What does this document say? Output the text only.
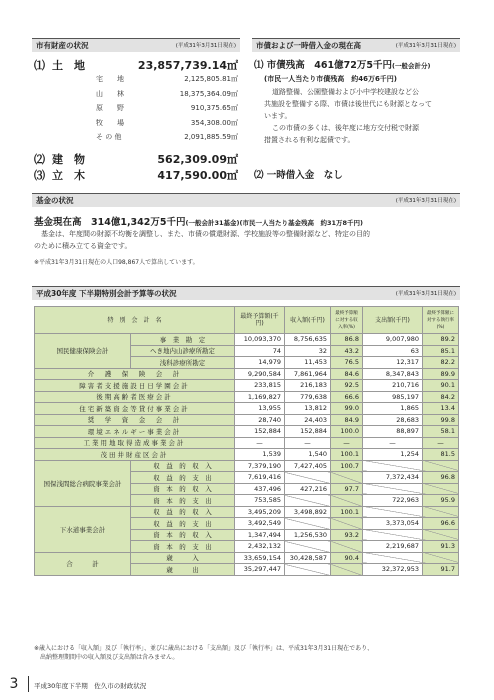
市有財産の状況	(平成31年3月31日現在)
⑴ 土　地	23,857,739.14㎡
宅　　地	2,125,805.81㎡
山　　林	18,375,364.09㎡
原　　野	910,375.65㎡
牧　　場	354,308.00㎡
そ の 他	2,091,885.59㎡
⑵ 建　物	562,309.09㎡
⑶ 立　木	417,590.00㎡
市債および一時借入金の現在高	(平成31年3月31日現在)
⑴ 市債残高　461億72万5千円(一般会計分)
(市民一人当たり市債残高　約46万6千円)
道路整備、公園整備および小中学校建設など公
共施設を整備する際、市債は後世代にも財源となって
います。
この市債の多くは、後年度に地方交付税で財源
措置される有利な起債です。
⑵ 一時借入金　なし
基金の状況	(平成31年3月31日現在)
基金現在高　314億1,342万5千円(一般会計31基金)(市民一人当たり基金残高　約31万8千円)
基金は、年度間の財源不均衡を調整し、また、市債の償還財源、学校施設等の整備財源など、特定の目的
のために積み立てる資金です。
※平成31年3月31日現在の人口98,867人で算出しています。
平成30年度 下半期特別会計予算等の状況	(平成31年3月31日現在)
特　別　会　計　名		最終予算額(千円)	収入額(千円)	最終予算額に対する収入率(%)	支出額(千円)	最終予算額に対する執行率(%)
国民健康保険会計	事　業　勘　定	10,093,370	8,756,635	86.8	9,007,980	89.2
	へき地内山診療所勘定	74	32	43.2	63	85.1
	浅科診療所勘定	14,979	11,453	76.5	12,317	82.2
介　護　保　険　会　計		9,290,584	7,861,964	84.6	8,347,843	89.9
障害者支援施設日日学園会計		233,815	216,183	92.5	210,716	90.1
後期高齢者医療会計		1,169,827	779,638	66.6	985,197	84.2
住宅新築資金等貸付事業会計		13,955	13,812	99.0	1,865	13.4
奨　学　資　金　会　計		28,740	24,403	84.9	28,683	99.8
環境エネルギー事業会計		152,884	152,884	100.0	88,897	58.1
工業用地取得造成事業会計		—	—	—	—	—
茂田井財産区会計		1,539	1,540	100.1	1,254	81.5
国保浅間総合病院事業会計	収　益　的　収　入	7,379,190	7,427,405	100.7		
	収　益　的　支　出	7,619,416			7,372,434	96.8
	資　本　的　収　入	437,496	427,216	97.7		
	資　本　的　支　出	753,585			722,963	95.9
下水道事業会計	収　益　的　収　入	3,495,209	3,498,892	100.1		
	収　益　的　支　出	3,492,549			3,373,054	96.6
	資　本　的　収　入	1,347,494	1,256,530	93.2		
	資　本　的　支　出	2,432,132			2,219,687	91.3
合　　　計	歳　　　入	33,659,154	30,428,587	90.4		
	歳　　　出	35,297,447			32,372,953	91.7
※歳入における「収入額」及び「執行率」、並びに歳出における「支出額」及び「執行率」は、平成31年3月31日現在であり、
出納整理期間中の収入額及び支出額は含みません。
3	平成30年度下半期　佐久市の財政状況
